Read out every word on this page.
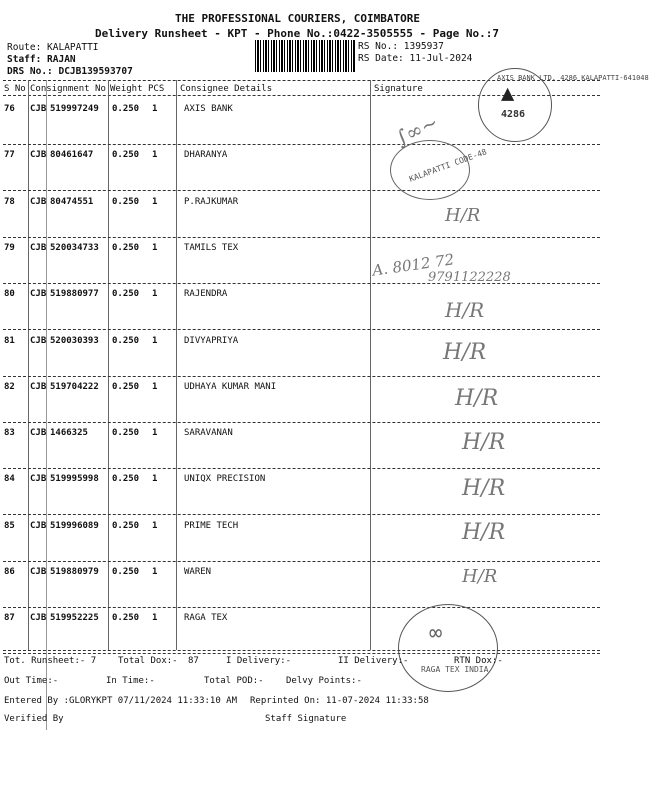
THE PROFESSIONAL COURIERS, COIMBATORE
Delivery Runsheet - KPT - Phone No.:0422-3505555 - Page No.:7
Route: KALAPATTI
Staff: RAJAN
DRS No.: DCJB139593707
RS No.: 1395937
RS Date: 11-Jul-2024
S No Consignment No Weight PCS Consignee Details	Signature
76 CJB 519997249 0.250 1	AXIS BANK
77 CJB 80461647 0.250 1	DHARANYA
78 CJB 80474551 0.250 1	P.RAJKUMAR
79 CJB 520034733 0.250 1	TAMILS TEX
80 CJB 519880977 0.250 1	RAJENDRA
81 CJB 520030393 0.250 1	DIVYAPRIYA
82 CJB 519704222 0.250 1	UDHAYA KUMAR MANI
83 CJB 1466325	0.250 1	SARAVANAN
84 CJB 519995998 0.250 1	UNIQX PRECISION
85 CJB 519996089 0.250 1	PRIME TECH
86 CJB 519880979 0.250 1	WAREN
87 CJB 519952225 0.250 1	RAGA TEX
AXIS BANK LTD. 4286 KALAPATTI-641048
4286
▲
∫∞∼
KALAPATTI CODE-48
H/R
A. 8012 72
9791122228
H/R
H/R
H/R
H/R
H/R
H/R
H/R
RAGA TEX INDIA
∞
Tot. Runsheet:- 7 Total Dox:- 87	I Delivery:-	II Delivery:-	RTN Dox:-
Out Time:-	In Time:-	Total POD:- Delvy Points:-
Entered By :GLORYKPT 07/11/2024 11:33:10 AM Reprinted On: 11-07-2024 11:33:58
Verified By	Staff Signature
